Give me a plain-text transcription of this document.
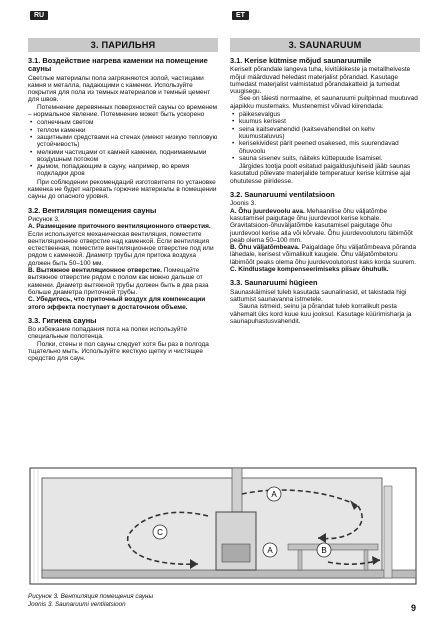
RU	ET
3. ПАРИЛЬНЯ	3. SAUNARUUM
3.1. Воздействие нагрева каменки на помещение сауны

Светлые материалы пола загрязняются золой, частицами камня и металла, падающими с каменки. Используйте покрытия для пола из темных материалов и темный цемент для швов.

Потемнение деревянных поверхностей сауны со временем – нормальное явление. Потемнение может быть ускорено

• солнечным светом
• теплом каменки
• защитными средствами на стенах (имеют низкую тепловую устойчивость)
• мелкими частицами от камней каменки, поднимаемыми воздушным потоком
• дымом, попадающим в сауну, например, во время подкладки дров

При соблюдении рекомендаций изготовителя по установке каменка не будет нагревать горючие материалы в помещении сауны до опасного уровня.

3.2. Вентиляция помещения сауны

Рисунок 3.

A. Размещение приточного вентиляционного отверстия. Если используется механическая вентиляция, поместите вентиляционное отверстие над каменкой. Если вентиляция естественная, поместите вентиляционное отверстие под или рядом с каменкой. Диаметр трубы для притока воздуха должен быть 50–100 мм.

B. Вытяжное вентиляционное отверстие. Помещайте вытяжное отверстие рядом с полом как можно дальше от каменки. Диаметр вытяжной трубы должен быть в два раза больше диаметра приточной трубы.

C. Убедитесь, что приточный воздух для компенсации этого эффекта поступает в достаточном объеме.

3.3. Гигиена сауны

Во избежание попадания пота на полки используйте специальные полотенца.

Полки, стены и пол сауны следует хотя бы раз в полгода тщательно мыть. Используйте жесткую щетку и чистящее средство для саун.

3.1. Kerise kütmise mõjud saunaruumile

Keriselt põrandale langeva tuha, kivitükikeste ja metallhelveste mõjul määrduvad heledast materjalist põrandad. Kasutage tumedast materjalist valmistatud põrandakatteid ja tumedat vuugisegu.

See on täiesti normaalne, et saunaruumi puitpinnad muutuvad ajapikku mustemaks. Mustenemist võivad kiirendada:

• päikesevalgus
• kuumus kerisest
• seina kaitsevahendid (kaitsevahenditel on kehv kuumustaluvus)
• kerisekividest pärit peened osakesed, mis suurendavad õhuvoolu
• sauna sisenev suits, näiteks küttepuude lisamisel.

Järgides tootja poolt esitatud paigaldusjuhiseid jääb saunas kasutatud põlevate materjalide temperatuur kerise kütmise ajal ohututesse piiridesse.

3.2. Saunaruumi ventilatsioon

Joonis 3.

A. Õhu juurdevoolu ava. Mehaanilise õhu väljatõmbe kasutamisel paigutage õhu juurdevool kerise kohale. Gravitatsioon-õhuväljatõmbe kasutamisel paigutage õhu juurdevool kerise alla või kõrvale. Õhu juurdevoolutoru läbimõõt peab olema 50–100 mm.

B. Õhu väljatõmbeava. Paigaldage õhu väljatõmbeava põranda lähedale, kerisest võimalikult kaugele. Õhu väljatõmbetoru läbimõõt peaks olema õhu juurdevoolutorust kaks korda suurem.

C. Kindlustage kompenseerimiseks piisav õhuhulk.

3.3. Saunaruumi hügieen

Saunaskäimisel tuleb kasutada saunalinasid, et takistada higi sattumist saunavanna istmetele.

Sauna istmeid, seinu ja põrandat tuleb korralikult pesta vähemalt üks kord kuue kuu jooksul. Kasutage küürimisharja ja saunapuhastusvahendit.

A
A	B
C
Рисунок 3. Вентиляция помещения сауны
Joonis 3. Saunaruumi ventilatsioon	9
